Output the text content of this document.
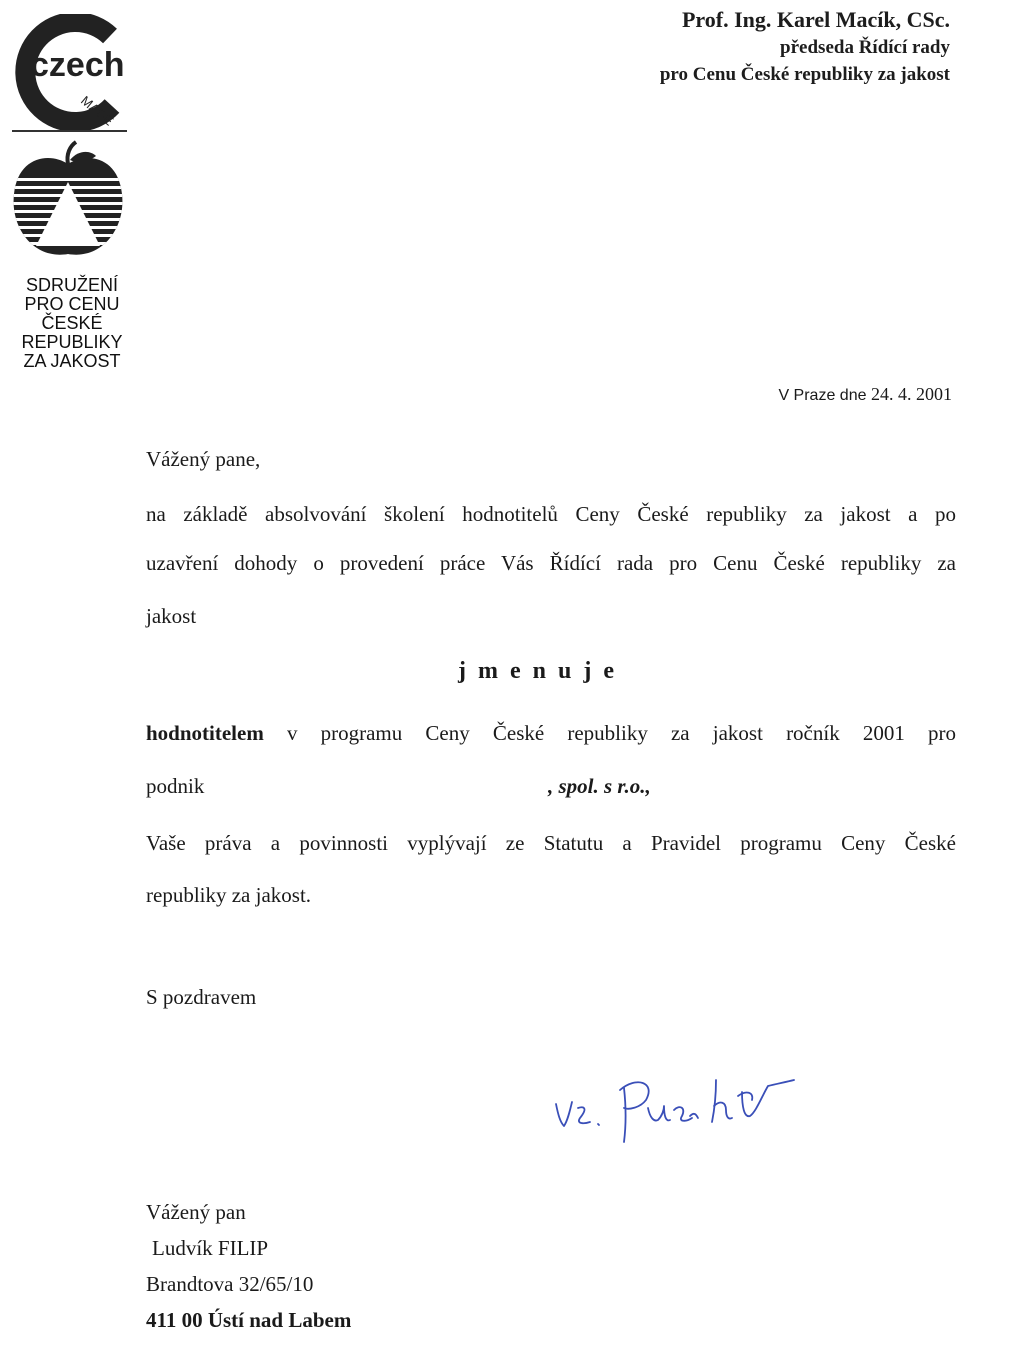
czech
MADE
SDRUŽENÍ
PRO CENU
ČESKÉ
REPUBLIKY
ZA JAKOST
Prof. Ing. Karel Macík, CSc.
předseda Řídící rady
pro Cenu České republiky za jakost
V Praze dne 24. 4. 2001
Vážený pane,
na základě absolvování školení hodnotitelů Ceny České republiky za jakost a po
uzavření dohody o provedení práce Vás Řídící rada pro Cenu České republiky za
jakost
jmenuje
hodnotitelem v programu Ceny České republiky za jakost ročník 2001 pro
podnik	, spol. s r.o.,
Vaše práva a povinnosti vyplývají ze Statutu a Pravidel programu Ceny České
republiky za jakost.
S pozdravem
Vážený pan
Ludvík FILIP
Brandtova 32/65/10
411 00 Ústí nad Labem
